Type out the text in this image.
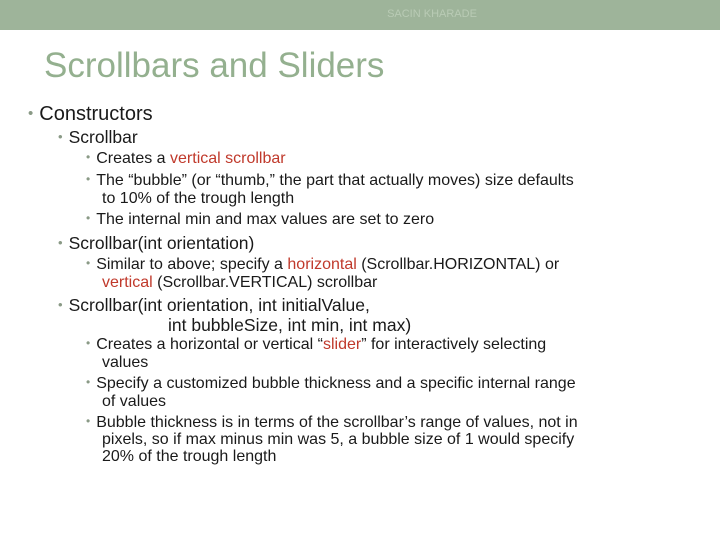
SACIN KHARADE
Scrollbars and Sliders
• Constructors
• Scrollbar
• Creates a vertical scrollbar
• The “bubble” (or “thumb,” the part that actually moves) size defaults
to 10% of the trough length
• The internal min and max values are set to zero
• Scrollbar(int orientation)
• Similar to above; specify a horizontal (Scrollbar.HORIZONTAL) or
vertical (Scrollbar.VERTICAL) scrollbar
• Scrollbar(int orientation, int initialValue,
int bubbleSize, int min, int max)
• Creates a horizontal or vertical “slider” for interactively selecting
values
• Specify a customized bubble thickness and a specific internal range
of values
• Bubble thickness is in terms of the scrollbar’s range of values, not in
pixels, so if max minus min was 5, a bubble size of 1 would specify
20% of the trough length
